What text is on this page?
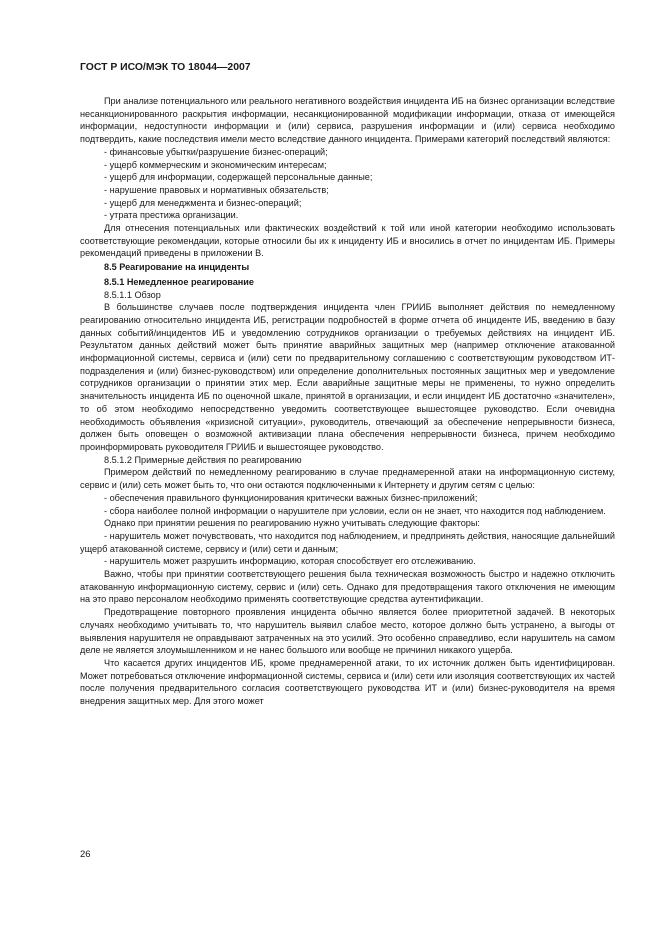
ГОСТ Р ИСО/МЭК ТО 18044—2007

При анализе потенциального или реального негативного воздействия инцидента ИБ на бизнес организации вследствие несанкционированного раскрытия информации, несанкционированной модификации информации, отказа от имеющейся информации, недоступности информации и (или) сервиса, разрушения информации и (или) сервиса необходимо подтвердить, какие последствия имели место вследствие данного инцидента. Примерами категорий последствий являются:

- финансовые убытки/разрушение бизнес-операций;

- ущерб коммерческим и экономическим интересам;

- ущерб для информации, содержащей персональные данные;

- нарушение правовых и нормативных обязательств;

- ущерб для менеджмента и бизнес-операций;

- утрата престижа организации.

Для отнесения потенциальных или фактических воздействий к той или иной категории необходимо использовать соответствующие рекомендации, которые относили бы их к инциденту ИБ и вносились в отчет по инцидентам ИБ. Примеры рекомендаций приведены в приложении В.

8.5 Реагирование на инциденты

8.5.1 Немедленное реагирование

8.5.1.1 Обзор

В большинстве случаев после подтверждения инцидента член ГРИИБ выполняет действия по немедленному реагированию относительно инцидента ИБ, регистрации подробностей в форме отчета об инциденте ИБ, введению в базу данных событий/инцидентов ИБ и уведомлению сотрудников организации о требуемых действиях на инцидент ИБ. Результатом данных действий может быть принятие аварийных защитных мер (например отключение атакованной информационной системы, сервиса и (или) сети по предварительному соглашению с соответствующим руководством ИТ-подразделения и (или) бизнес-руководством) или определение дополнительных постоянных защитных мер и уведомление сотрудников организации о принятии этих мер. Если аварийные защитные меры не применены, то нужно определить значительность инцидента ИБ по оценочной шкале, принятой в организации, и если инцидент ИБ достаточно «значителен», то об этом необходимо непосредственно уведомить соответствующее вышестоящее руководство. Если очевидна необходимость объявления «кризисной ситуации», руководитель, отвечающий за обеспечение непрерывности бизнеса, должен быть оповещен о возможной активизации плана обеспечения непрерывности бизнеса, причем необходимо проинформировать руководителя ГРИИБ и вышестоящее руководство.

8.5.1.2 Примерные действия по реагированию

Примером действий по немедленному реагированию в случае преднамеренной атаки на информационную систему, сервис и (или) сеть может быть то, что они остаются подключенными к Интернету и другим сетям с целью:

- обеспечения правильного функционирования критически важных бизнес-приложений;

- сбора наиболее полной информации о нарушителе при условии, если он не знает, что находится под наблюдением.

Однако при принятии решения по реагированию нужно учитывать следующие факторы:

- нарушитель может почувствовать, что находится под наблюдением, и предпринять действия, наносящие дальнейший ущерб атакованной системе, сервису и (или) сети и данным;

- нарушитель может разрушить информацию, которая способствует его отслеживанию.

Важно, чтобы при принятии соответствующего решения была техническая возможность быстро и надежно отключить атакованную информационную систему, сервис и (или) сеть. Однако для предотвращения такого отключения не имеющим на это право персоналом необходимо применять соответствующие средства аутентификации.

Предотвращение повторного проявления инцидента обычно является более приоритетной задачей. В некоторых случаях необходимо учитывать то, что нарушитель выявил слабое место, которое должно быть устранено, а выгоды от выявления нарушителя не оправдывают затраченных на это усилий. Это особенно справедливо, если нарушитель на самом деле не является злоумышленником и не нанес большого или вообще не причинил никакого ущерба.

Что касается других инцидентов ИБ, кроме преднамеренной атаки, то их источник должен быть идентифицирован. Может потребоваться отключение информационной системы, сервиса и (или) сети или изоляция соответствующих их частей после получения предварительного согласия соответствующего руководства ИТ и (или) бизнес-руководителя на время внедрения защитных мер. Для этого может

26
